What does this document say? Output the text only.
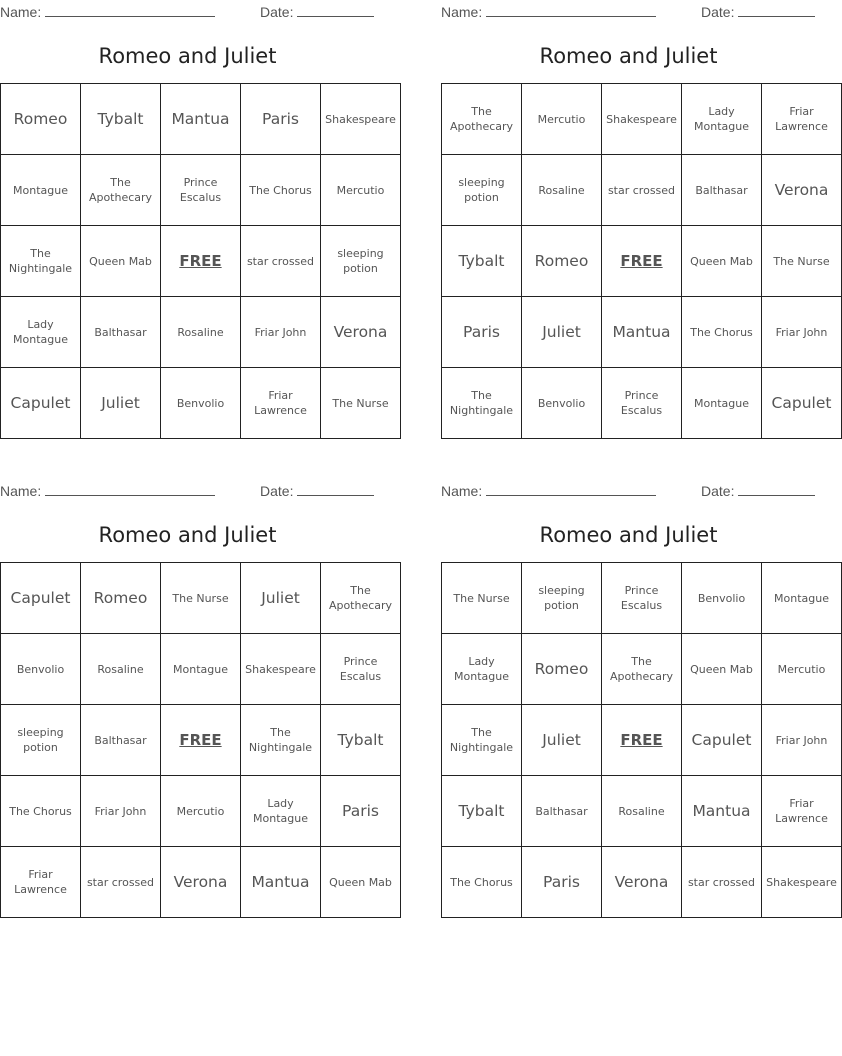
Name:	Date:
Romeo and Juliet
Romeo	Tybalt	Mantua	Paris	Shakespeare
Montague	The Apothecary	Prince Escalus	The Chorus	Mercutio
The Nightingale	Queen Mab	FREE	star crossed	sleeping potion
Lady Montague	Balthasar	Rosaline	Friar John	Verona
Capulet	Juliet	Benvolio	Friar Lawrence	The Nurse
Name:	Date:
Romeo and Juliet
The Apothecary	Mercutio	Shakespeare	Lady Montague	Friar Lawrence
sleeping potion	Rosaline	star crossed	Balthasar	Verona
Tybalt	Romeo	FREE	Queen Mab	The Nurse
Paris	Juliet	Mantua	The Chorus	Friar John
The Nightingale	Benvolio	Prince Escalus	Montague	Capulet
Name:	Date:
Romeo and Juliet
Capulet	Romeo	The Nurse	Juliet	The Apothecary
Benvolio	Rosaline	Montague	Shakespeare	Prince Escalus
sleeping potion	Balthasar	FREE	The Nightingale	Tybalt
The Chorus	Friar John	Mercutio	Lady Montague	Paris
Friar Lawrence	star crossed	Verona	Mantua	Queen Mab
Name:	Date:
Romeo and Juliet
The Nurse	sleeping potion	Prince Escalus	Benvolio	Montague
Lady Montague	Romeo	The Apothecary	Queen Mab	Mercutio
The Nightingale	Juliet	FREE	Capulet	Friar John
Tybalt	Balthasar	Rosaline	Mantua	Friar Lawrence
The Chorus	Paris	Verona	star crossed	Shakespeare
